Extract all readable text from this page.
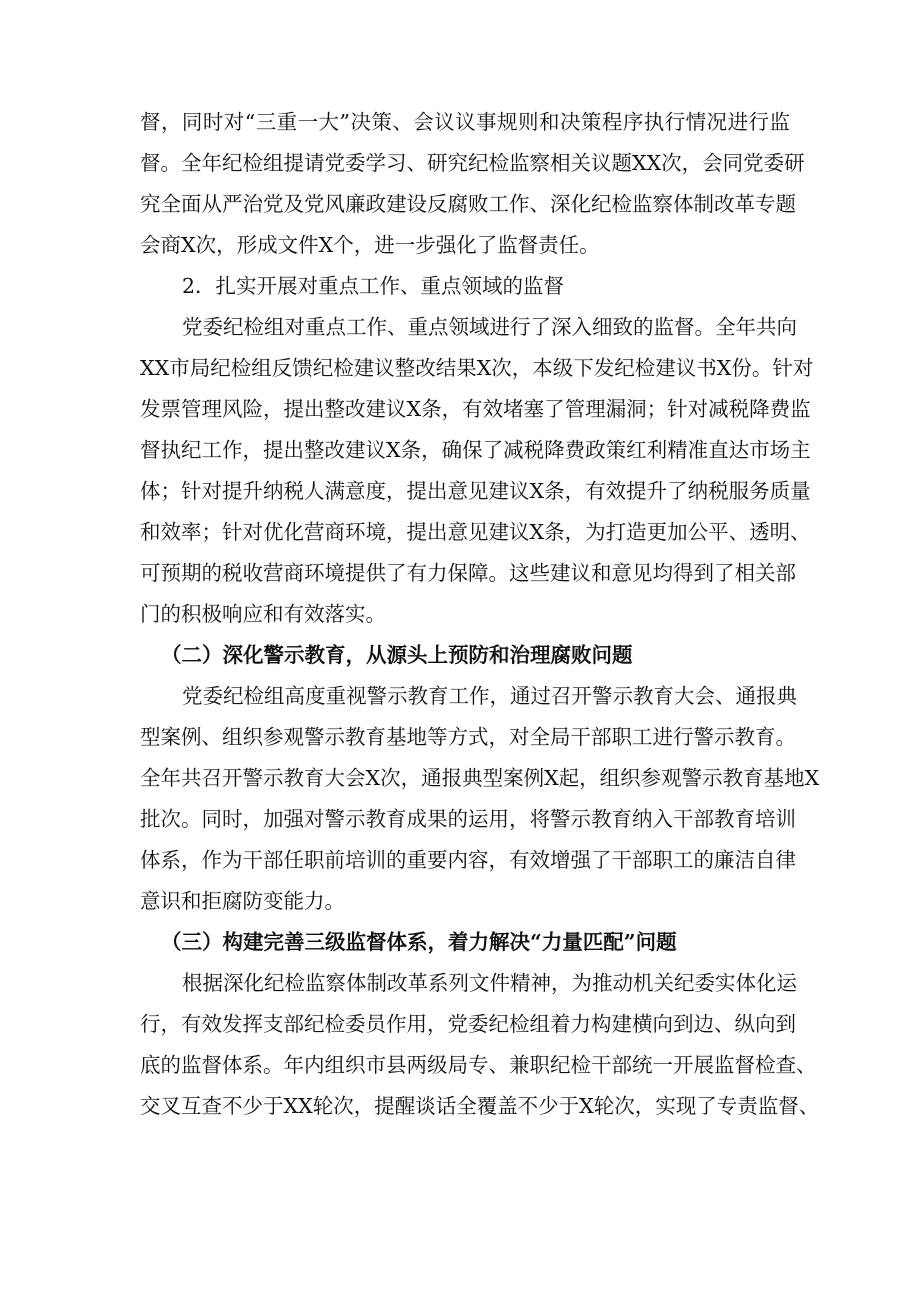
督，同时对“三重一大”决策、会议议事规则和决策程序执行情况进行监
督。全年纪检组提请党委学习、研究纪检监察相关议题XX次，会同党委研
究全面从严治党及党风廉政建设反腐败工作、深化纪检监察体制改革专题
会商X次，形成文件X个，进一步强化了监督责任。
2．扎实开展对重点工作、重点领域的监督
党委纪检组对重点工作、重点领域进行了深入细致的监督。全年共向
XX市局纪检组反馈纪检建议整改结果X次，本级下发纪检建议书X份。针对
发票管理风险，提出整改建议X条，有效堵塞了管理漏洞；针对减税降费监
督执纪工作，提出整改建议X条，确保了减税降费政策红利精准直达市场主
体；针对提升纳税人满意度，提出意见建议X条，有效提升了纳税服务质量
和效率；针对优化营商环境，提出意见建议X条，为打造更加公平、透明、
可预期的税收营商环境提供了有力保障。这些建议和意见均得到了相关部
门的积极响应和有效落实。
（二）深化警示教育，从源头上预防和治理腐败问题
党委纪检组高度重视警示教育工作，通过召开警示教育大会、通报典
型案例、组织参观警示教育基地等方式，对全局干部职工进行警示教育。
全年共召开警示教育大会X次，通报典型案例X起，组织参观警示教育基地X
批次。同时，加强对警示教育成果的运用，将警示教育纳入干部教育培训
体系，作为干部任职前培训的重要内容，有效增强了干部职工的廉洁自律
意识和拒腐防变能力。
（三）构建完善三级监督体系，着力解决“力量匹配”问题
根据深化纪检监察体制改革系列文件精神，为推动机关纪委实体化运
行，有效发挥支部纪检委员作用，党委纪检组着力构建横向到边、纵向到
底的监督体系。年内组织市县两级局专、兼职纪检干部统一开展监督检查、
交叉互查不少于XX轮次，提醒谈话全覆盖不少于X轮次，实现了专责监督、
